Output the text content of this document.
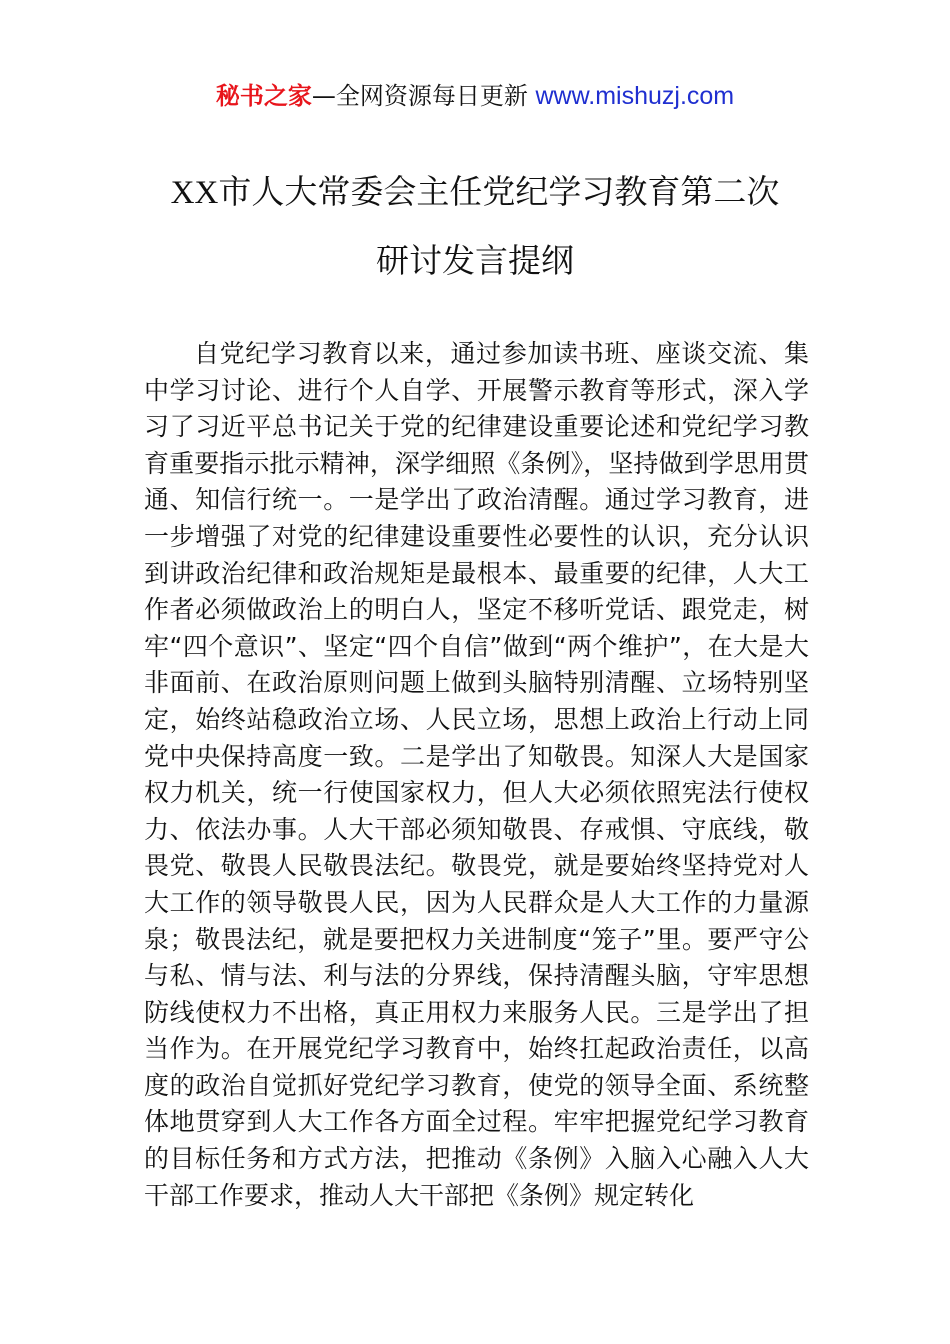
秘书之家—全网资源每日更新 www.mishuzj.com
XX市人大常委会主任党纪学习教育第二次
研讨发言提纲
自党纪学习教育以来，通过参加读书班、座谈交流、集中学习讨论、进行个人自学、开展警示教育等形式，深入学习了习近平总书记关于党的纪律建设重要论述和党纪学习教育重要指示批示精神，深学细照《条例》，坚持做到学思用贯通、知信行统一。一是学出了政治清醒。通过学习教育，进一步增强了对党的纪律建设重要性必要性的认识，充分认识到讲政治纪律和政治规矩是最根本、最重要的纪律，人大工作者必须做政治上的明白人，坚定不移听党话、跟党走，树牢“四个意识”、坚定“四个自信”做到“两个维护”，在大是大非面前、在政治原则问题上做到头脑特别清醒、立场特别坚定，始终站稳政治立场、人民立场，思想上政治上行动上同党中央保持高度一致。二是学出了知敬畏。知深人大是国家权力机关，统一行使国家权力，但人大必须依照宪法行使权力、依法办事。人大干部必须知敬畏、存戒惧、守底线，敬畏党、敬畏人民敬畏法纪。敬畏党，就是要始终坚持党对人大工作的领导敬畏人民，因为人民群众是人大工作的力量源泉；敬畏法纪，就是要把权力关进制度“笼子”里。要严守公与私、情与法、利与法的分界线，保持清醒头脑，守牢思想防线使权力不出格，真正用权力来服务人民。三是学出了担当作为。在开展党纪学习教育中，始终扛起政治责任，以高度的政治自觉抓好党纪学习教育，使党的领导全面、系统整体地贯穿到人大工作各方面全过程。牢牢把握党纪学习教育的目标任务和方式方法，把推动《条例》入脑入心融入人大干部工作要求，推动人大干部把《条例》规定转化
